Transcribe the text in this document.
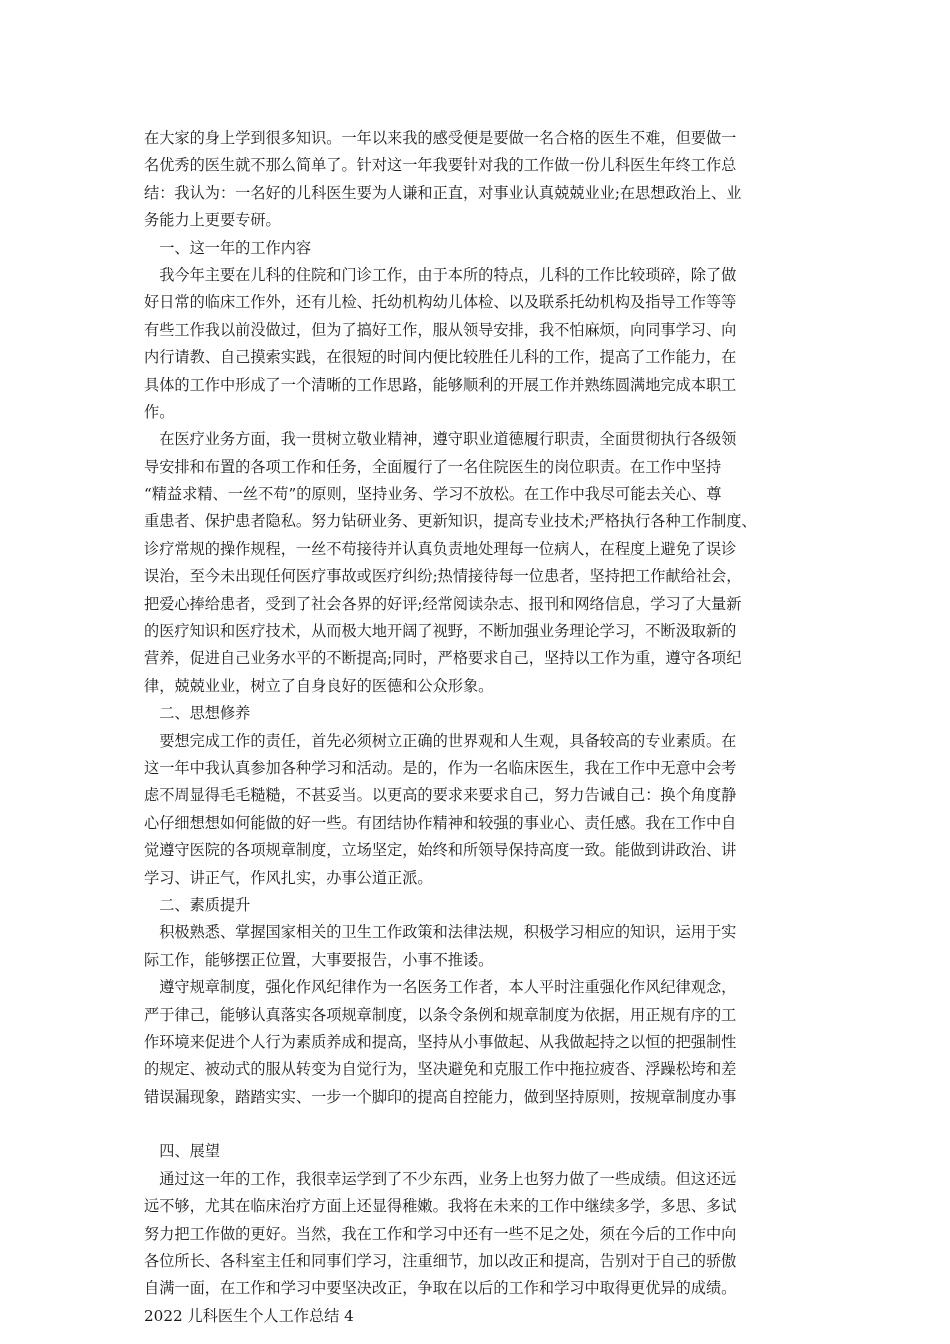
在大家的身上学到很多知识。一年以来我的感受便是要做一名合格的医生不难，但要做一
名优秀的医生就不那么简单了。针对这一年我要针对我的工作做一份儿科医生年终工作总
结：我认为：一名好的儿科医生要为人谦和正直，对事业认真兢兢业业;在思想政治上、业
务能力上更要专研。
　一、这一年的工作内容
　我今年主要在儿科的住院和门诊工作，由于本所的特点，儿科的工作比较琐碎，除了做
好日常的临床工作外，还有儿检、托幼机构幼儿体检、以及联系托幼机构及指导工作等等
有些工作我以前没做过，但为了搞好工作，服从领导安排，我不怕麻烦，向同事学习、向
内行请教、自己摸索实践，在很短的时间内便比较胜任儿科的工作，提高了工作能力，在
具体的工作中形成了一个清晰的工作思路，能够顺利的开展工作并熟练圆满地完成本职工
作。
　在医疗业务方面，我一贯树立敬业精神，遵守职业道德履行职责，全面贯彻执行各级领
导安排和布置的各项工作和任务，全面履行了一名住院医生的岗位职责。在工作中坚持
“精益求精、一丝不苟”的原则，坚持业务、学习不放松。在工作中我尽可能去关心、尊
重患者、保护患者隐私。努力钻研业务、更新知识，提高专业技术;严格执行各种工作制度、
诊疗常规的操作规程，一丝不苟接待并认真负责地处理每一位病人，在程度上避免了误诊
误治，至今未出现任何医疗事故或医疗纠纷;热情接待每一位患者，坚持把工作献给社会，
把爱心捧给患者，受到了社会各界的好评;经常阅读杂志、报刊和网络信息，学习了大量新
的医疗知识和医疗技术，从而极大地开阔了视野，不断加强业务理论学习，不断汲取新的
营养，促进自己业务水平的不断提高;同时，严格要求自己，坚持以工作为重，遵守各项纪
律，兢兢业业，树立了自身良好的医德和公众形象。
　二、思想修养
　要想完成工作的责任，首先必须树立正确的世界观和人生观，具备较高的专业素质。在
这一年中我认真参加各种学习和活动。是的，作为一名临床医生，我在工作中无意中会考
虑不周显得毛毛糙糙，不甚妥当。以更高的要求来要求自己，努力告诫自己：换个角度静
心仔细想想如何能做的好一些。有团结协作精神和较强的事业心、责任感。我在工作中自
觉遵守医院的各项规章制度，立场坚定，始终和所领导保持高度一致。能做到讲政治、讲
学习、讲正气，作风扎实，办事公道正派。
　二、素质提升
　积极熟悉、掌握国家相关的卫生工作政策和法律法规，积极学习相应的知识，运用于实
际工作，能够摆正位置，大事要报告，小事不推诿。
　遵守规章制度，强化作风纪律作为一名医务工作者，本人平时注重强化作风纪律观念，
严于律己，能够认真落实各项规章制度，以条令条例和规章制度为依据，用正规有序的工
作环境来促进个人行为素质养成和提高，坚持从小事做起、从我做起持之以恒的把强制性
的规定、被动式的服从转变为自觉行为，坚决避免和克服工作中拖拉疲沓、浮躁松垮和差
错误漏现象，踏踏实实、一步一个脚印的提高自控能力，做到坚持原则，按规章制度办事
　四、展望
　通过这一年的工作，我很幸运学到了不少东西，业务上也努力做了一些成绩。但这还远
远不够，尤其在临床治疗方面上还显得稚嫩。我将在未来的工作中继续多学，多思、多试
努力把工作做的更好。当然，我在工作和学习中还有一些不足之处，须在今后的工作中向
各位所长、各科室主任和同事们学习，注重细节，加以改正和提高，告别对于自己的骄傲
自满一面，在工作和学习中要坚决改正，争取在以后的工作和学习中取得更优异的成绩。
2022 儿科医生个人工作总结 4
